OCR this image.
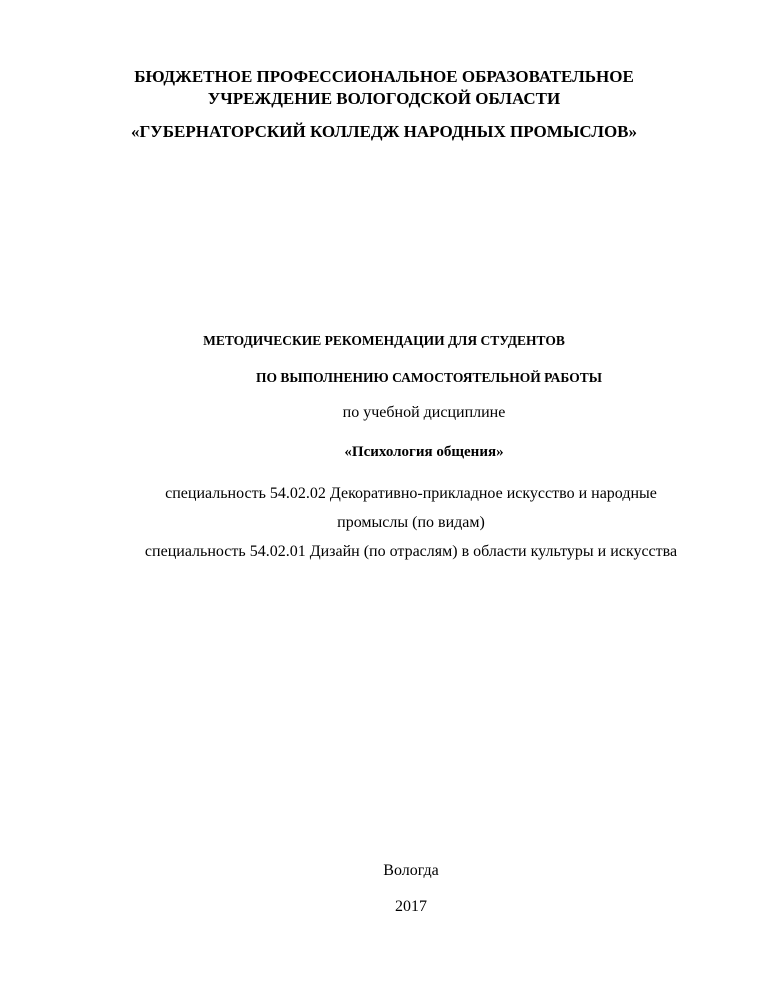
БЮДЖЕТНОЕ ПРОФЕССИОНАЛЬНОЕ ОБРАЗОВАТЕЛЬНОЕ
УЧРЕЖДЕНИЕ ВОЛОГОДСКОЙ ОБЛАСТИ
«ГУБЕРНАТОРСКИЙ КОЛЛЕДЖ НАРОДНЫХ ПРОМЫСЛОВ»
МЕТОДИЧЕСКИЕ РЕКОМЕНДАЦИИ ДЛЯ СТУДЕНТОВ
ПО ВЫПОЛНЕНИЮ САМОСТОЯТЕЛЬНОЙ РАБОТЫ
по учебной дисциплине
«Психология общения»
специальность 54.02.02 Декоративно-прикладное искусство и народные
промыслы (по видам)
специальность 54.02.01 Дизайн (по отраслям) в области культуры и искусства
Вологда
2017
